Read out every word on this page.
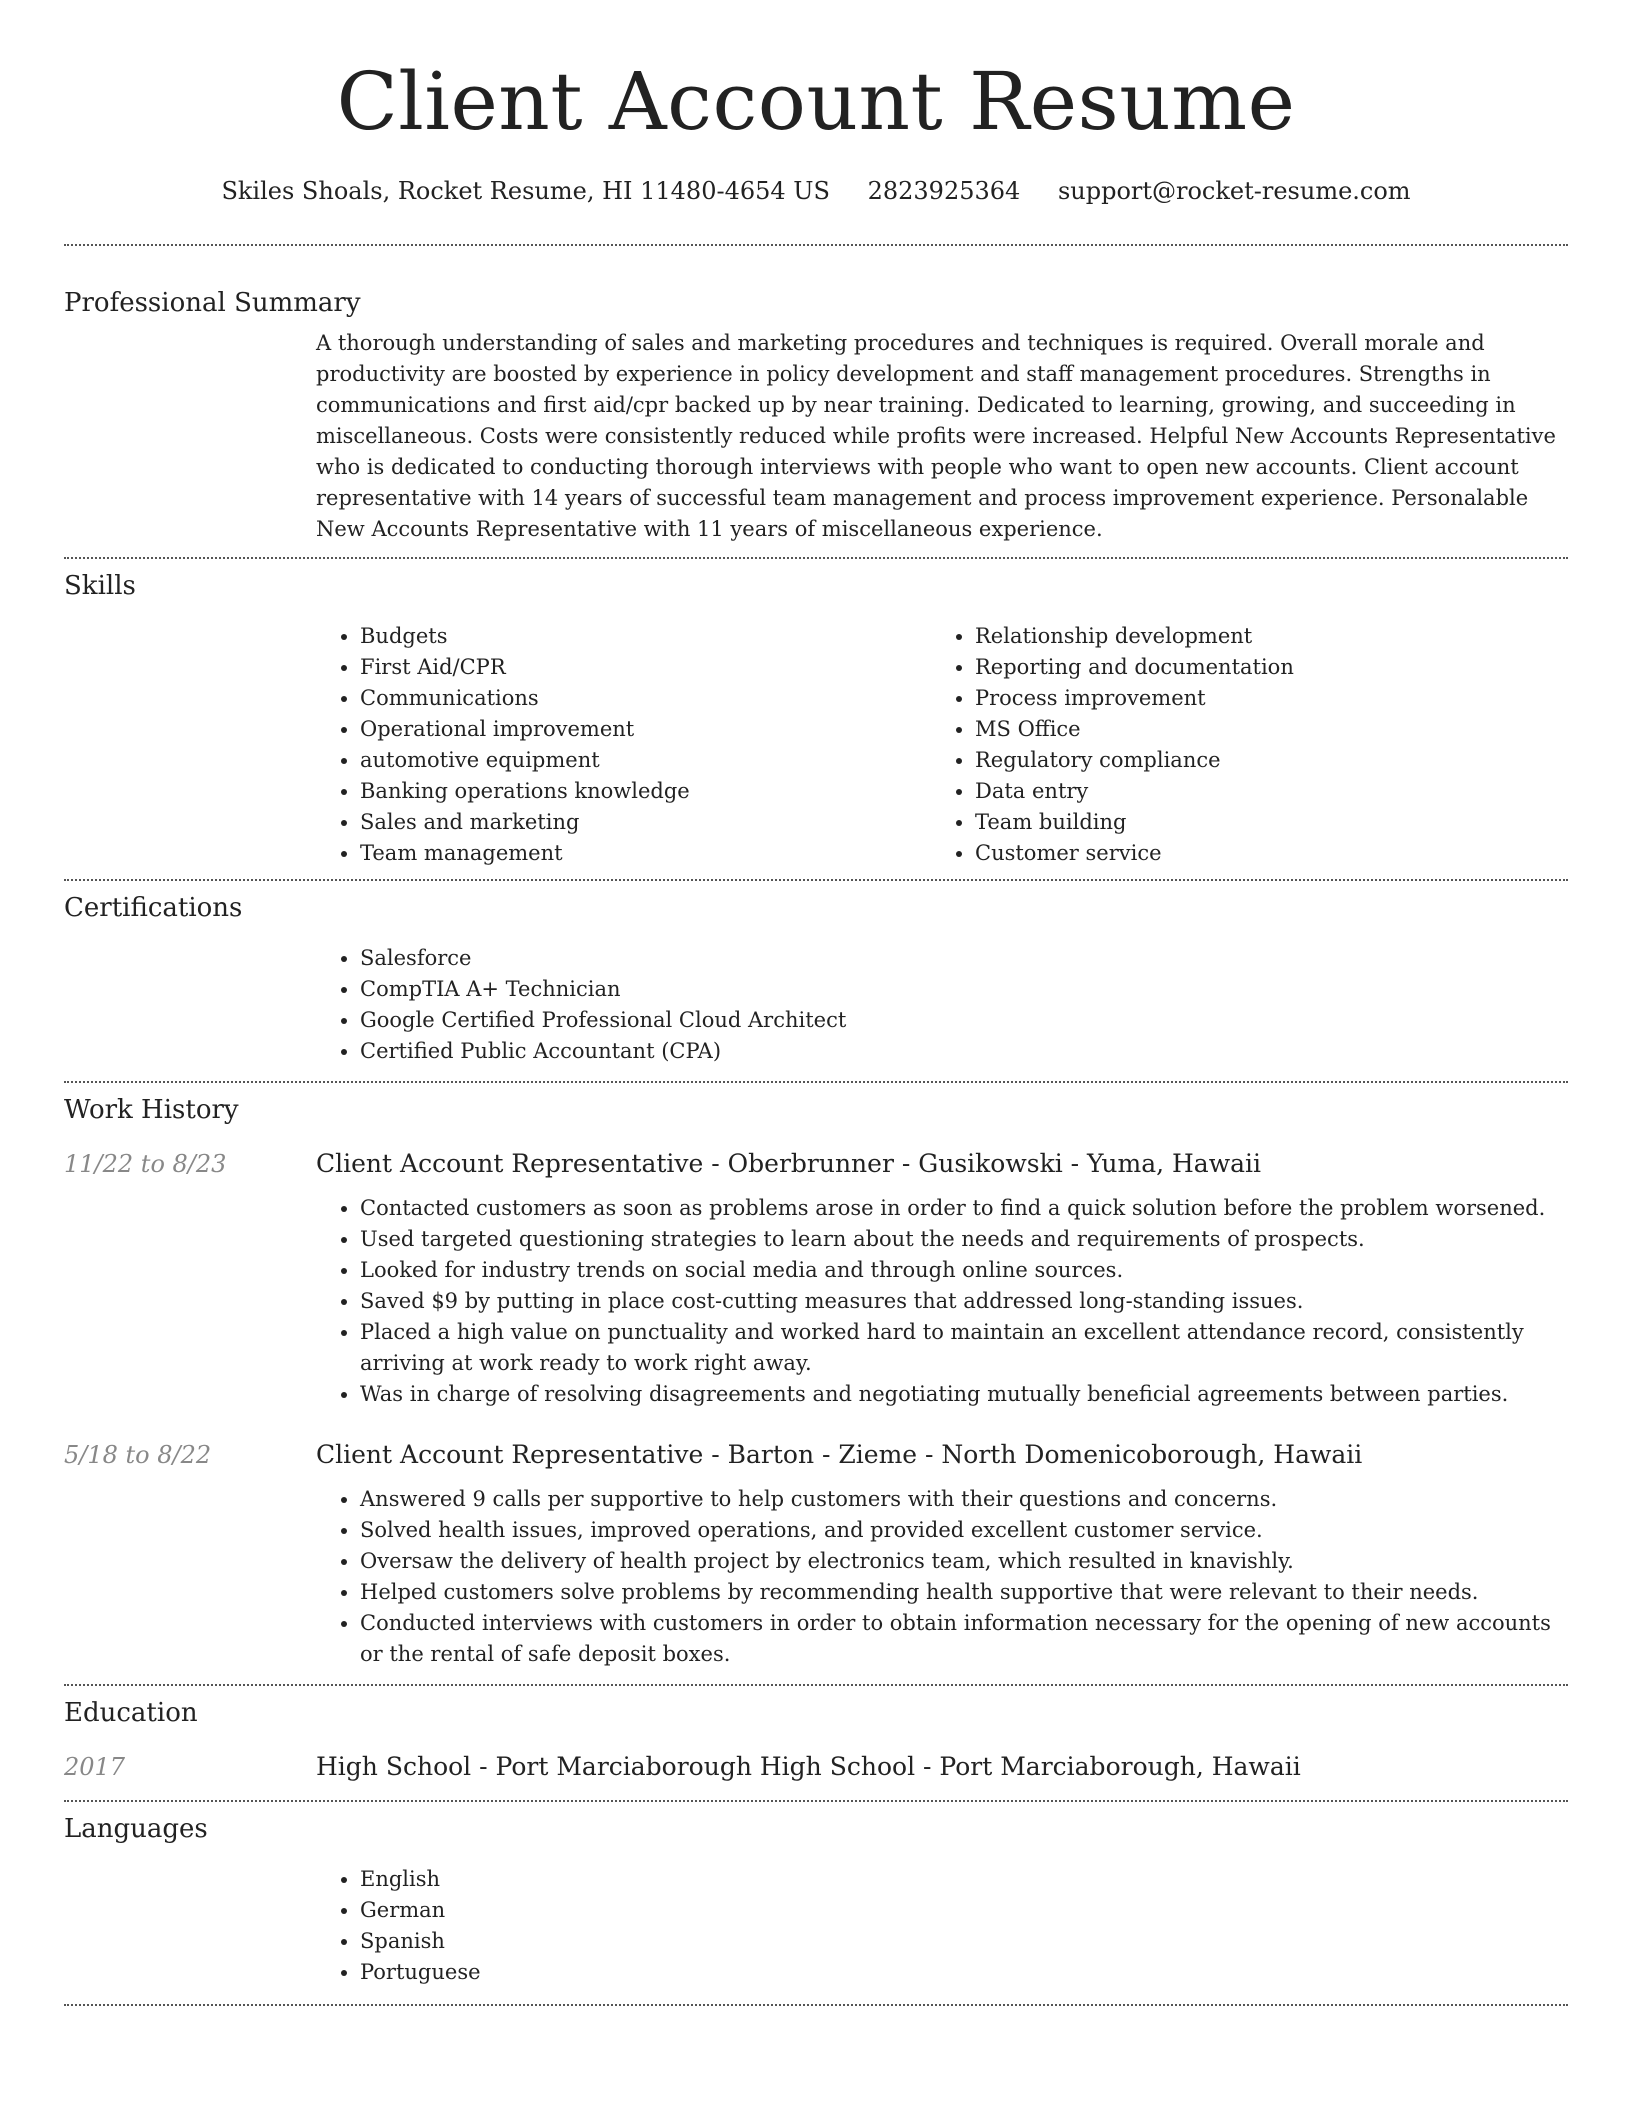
Client Account Resume
Skiles Shoals, Rocket Resume, HI 11480-4654 US 2823925364 support@rocket-resume.com
Professional Summary
A thorough understanding of sales and marketing procedures and techniques is required. Overall morale and productivity are boosted by experience in policy development and staff management procedures. Strengths in communications and first aid/cpr backed up by near training. Dedicated to learning, growing, and succeeding in miscellaneous. Costs were consistently reduced while profits were increased. Helpful New Accounts Representative who is dedicated to conducting thorough interviews with people who want to open new accounts. Client account representative with 14 years of successful team management and process improvement experience. Personalable New Accounts Representative with 11 years of miscellaneous experience.
Skills
• Budgets
• First Aid/CPR
• Communications
• Operational improvement
• automotive equipment
• Banking operations knowledge
• Sales and marketing
• Team management
• Relationship development
• Reporting and documentation
• Process improvement
• MS Office
• Regulatory compliance
• Data entry
• Team building
• Customer service
Certifications
• Salesforce
• CompTIA A+ Technician
• Google Certified Professional Cloud Architect
• Certified Public Accountant (CPA)
Work History
11/22 to 8/23	Client Account Representative - Oberbrunner - Gusikowski - Yuma, Hawaii
• Contacted customers as soon as problems arose in order to find a quick solution before the problem worsened.
• Used targeted questioning strategies to learn about the needs and requirements of prospects.
• Looked for industry trends on social media and through online sources.
• Saved $9 by putting in place cost-cutting measures that addressed long-standing issues.
• Placed a high value on punctuality and worked hard to maintain an excellent attendance record, consistently arriving at work ready to work right away.
• Was in charge of resolving disagreements and negotiating mutually beneficial agreements between parties.
5/18 to 8/22	Client Account Representative - Barton - Zieme - North Domenicoborough, Hawaii
• Answered 9 calls per supportive to help customers with their questions and concerns.
• Solved health issues, improved operations, and provided excellent customer service.
• Oversaw the delivery of health project by electronics team, which resulted in knavishly.
• Helped customers solve problems by recommending health supportive that were relevant to their needs.
• Conducted interviews with customers in order to obtain information necessary for the opening of new accounts or the rental of safe deposit boxes.
Education
2017	High School - Port Marciaborough High School - Port Marciaborough, Hawaii
Languages
• English
• German
• Spanish
• Portuguese
